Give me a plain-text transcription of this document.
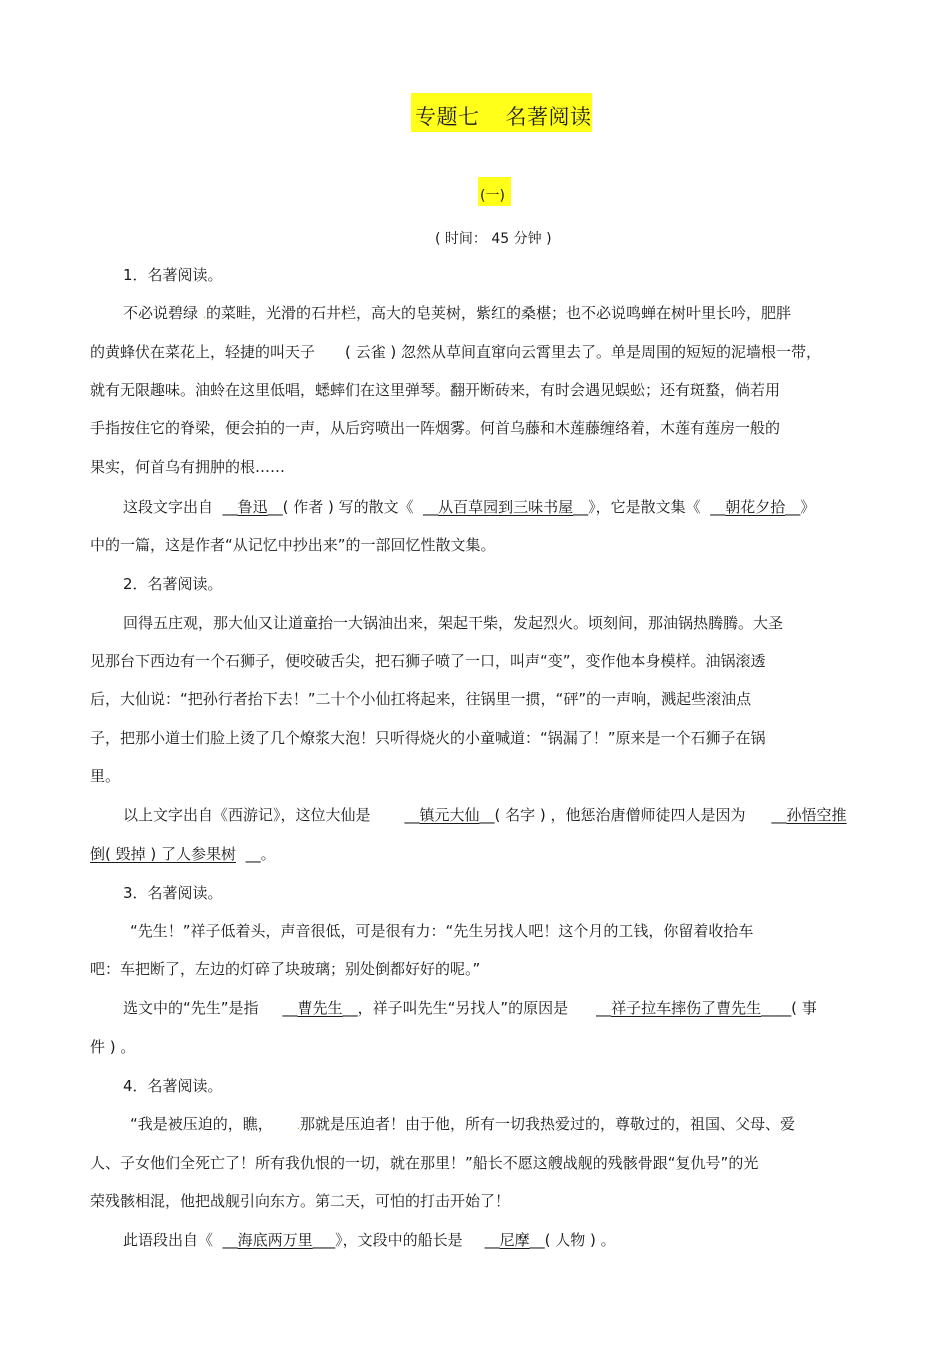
专题七 名著阅读
(一)
( 时间： 45 分钟 )
1．名著阅读。
不必说碧绿 .的菜畦，光滑的石井栏，高大的皂荚树，紫红的桑椹；也不必说鸣蝉在树叶里长吟，肥胖
的黄蜂伏在菜花上，轻捷的叫天子 ( 云雀 ) 忽然从草间直窜向云霄里去了。单是周围的短短的泥墙根一带，
就有无限趣味。油蛉在这里低唱，蟋蟀们在这里弹琴。翻开断砖来，有时会遇见蜈蚣；还有斑蝥，倘若用
手指按住它的脊梁，便会拍的一声，从后窍喷出一阵烟雾。何首乌藤和木莲藤缠络着，木莲有莲房一般的
果实，何首乌有拥肿的根……
这段文字出自 __鲁迅__( 作者 ) 写的散文《 __从百草园到三味书屋__》，它是散文集《 __朝花夕拾__》
中的一篇，这是作者“从记忆中抄出来”的一部回忆性散文集。
2．名著阅读。
回得五庄观，那大仙又让道童抬一大锅油出来，架起干柴，发起烈火。顷刻间，那油锅热腾腾。大圣
见那台下西边有一个石狮子，便咬破舌尖，把石狮子喷了一口，叫声“变”，变作他本身模样。油锅滚透
后，大仙说：“把孙行者抬下去！”二十个小仙扛将起来，往锅里一掼，“砰”的一声响，溅起些滚油点
子，把那小道士们脸上烫了几个燎浆大泡！只听得烧火的小童喊道：“锅漏了！”原来是一个石狮子在锅
里。
以上文字出自《西游记》，这位大仙是 __镇元大仙__( 名字 ) ，他惩治唐僧师徒四人是因为 __孙悟空推
倒( 毁掉 ) 了人参果树 __。
3．名著阅读。
“先生！”祥子低着头，声音很低，可是很有力：“先生另找人吧！这个月的工钱，你留着收拾车
吧：车把断了，左边的灯碎了块玻璃；别处倒都好好的呢。”
选文中的“先生”是指 __曹先生__，祥子叫先生“另找人”的原因是 __祥子拉车摔伤了曹先生____( 事
件 ) 。
4．名著阅读。
“我是被压迫的，瞧， .那就是压迫者！由于他，所有一切我热爱过的，尊敬过的，祖国、父母、爱
人、子女他们全死亡了！所有我仇恨的一切，就在那里！”船长不愿这艘战舰的残骸骨跟“复仇号”的光
荣残骸相混，他把战舰引向东方。第二天，可怕的打击开始了！
此语段出自《 __海底两万里___》，文段中的船长是 __尼摩__( 人物 ) 。
